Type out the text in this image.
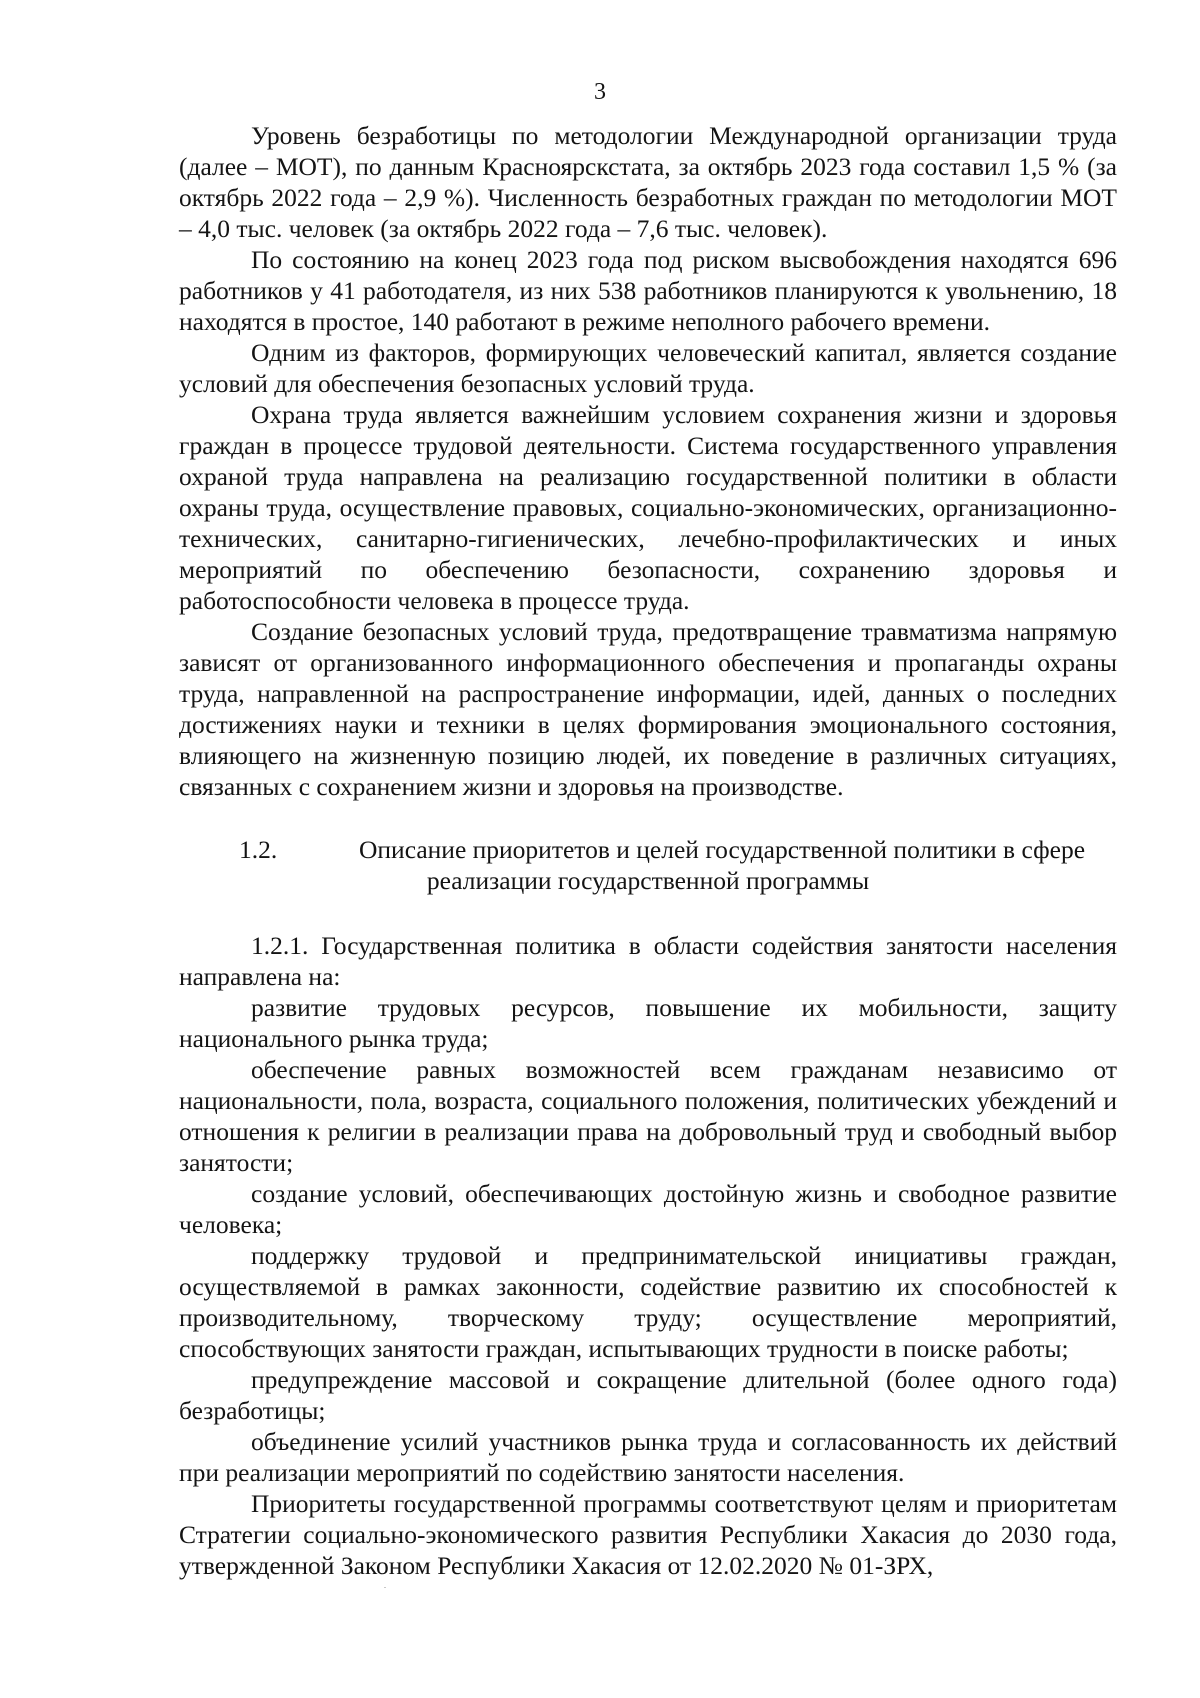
3

Уровень безработицы по методологии Международной организации труда (далее – МОТ), по данным Красноярскстата, за октябрь 2023 года составил 1,5 % (за октябрь 2022 года – 2,9 %). Численность безработных граждан по методологии МОТ – 4,0 тыс. человек (за октябрь 2022 года – 7,6 тыс. человек).

По состоянию на конец 2023 года под риском высвобождения находятся 696 работников у 41 работодателя, из них 538 работников планируются к увольнению, 18 находятся в простое, 140 работают в режиме неполного рабочего времени.

Одним из факторов, формирующих человеческий капитал, является создание условий для обеспечения безопасных условий труда.

Охрана труда является важнейшим условием сохранения жизни и здоровья граждан в процессе трудовой деятельности. Система государственного управления охраной труда направлена на реализацию государственной политики в области охраны труда, осуществление правовых, социально-экономических, организационно-технических, санитарно-гигиенических, лечебно-профилактических и иных мероприятий по обеспечению безопасности, сохранению здоровья и работоспособности человека в процессе труда.

Создание безопасных условий труда, предотвращение травматизма напрямую зависят от организованного информационного обеспечения и пропаганды охраны труда, направленной на распространение информации, идей, данных о последних достижениях науки и техники в целях формирования эмоционального состояния, влияющего на жизненную позицию людей, их поведение в различных ситуациях, связанных с сохранением жизни и здоровья на производстве.

1.2.	Описание приоритетов и целей государственной политики в сфере
реализации государственной программы

1.2.1. Государственная политика в области содействия занятости населения направлена на:

развитие трудовых ресурсов, повышение их мобильности, защиту национального рынка труда;

обеспечение равных возможностей всем гражданам независимо от национальности, пола, возраста, социального положения, политических убеждений и отношения к религии в реализации права на добровольный труд и свободный выбор занятости;

создание условий, обеспечивающих достойную жизнь и свободное развитие человека;

поддержку трудовой и предпринимательской инициативы граждан, осуществляемой в рамках законности, содействие развитию их способностей к производительному, творческому труду; осуществление мероприятий, способствующих занятости граждан, испытывающих трудности в поиске работы;

предупреждение массовой и сокращение длительной (более одного года) безработицы;

объединение усилий участников рынка труда и согласованность их действий при реализации мероприятий по содействию занятости населения.

Приоритеты государственной программы соответствуют целям и приоритетам Стратегии социально-экономического развития Республики Хакасия до 2030 года, утвержденной Законом Республики Хакасия от 12.02.2020 № 01-ЗРХ,
